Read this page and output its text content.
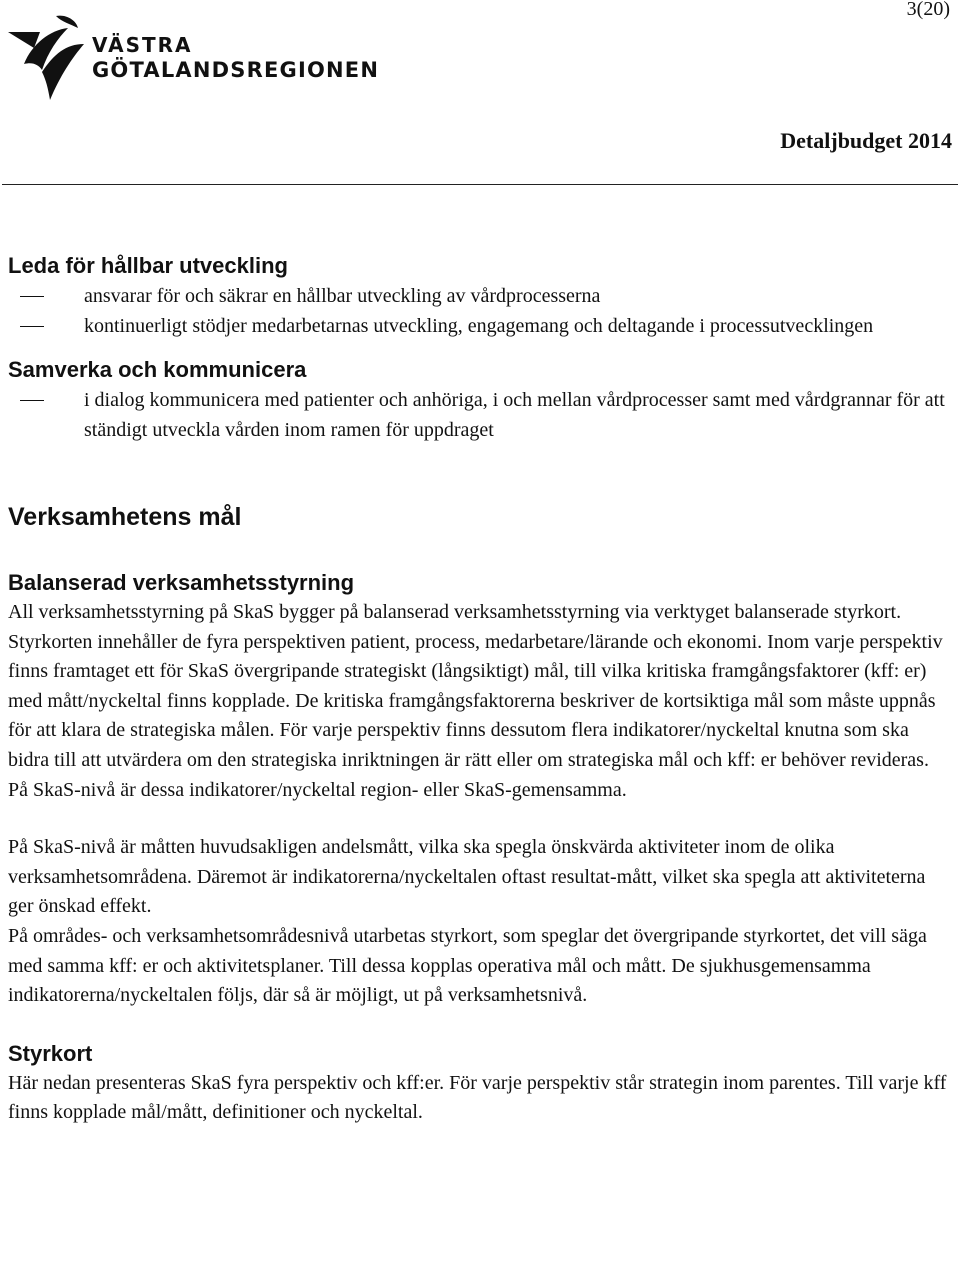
3(20)
VÄSTRA
GÖTALANDSREGIONEN
Detaljbudget 2014
Leda för hållbar utveckling
ansvarar för och säkrar en hållbar utveckling av vårdprocesserna
kontinuerligt stödjer medarbetarnas utveckling, engagemang och deltagande i processutvecklingen
Samverka och kommunicera
i dialog kommunicera med patienter och anhöriga, i och mellan vårdprocesser samt med vårdgrannar för att ständigt utveckla vården inom ramen för uppdraget
Verksamhetens mål
Balanserad verksamhetsstyrning

All verksamhetsstyrning på SkaS bygger på balanserad verksamhetsstyrning via verktyget balanserade styrkort. Styrkorten innehåller de fyra perspektiven patient, process, medarbetare/lärande och ekonomi. Inom varje perspektiv finns framtaget ett för SkaS övergripande strategiskt (långsiktigt) mål, till vilka kritiska framgångsfaktorer (kff: er) med mått/nyckeltal finns kopplade. De kritiska framgångsfaktorerna beskriver de kortsiktiga mål som måste uppnås för att klara de strategiska målen. För varje perspektiv finns dessutom flera indikatorer/nyckeltal knutna som ska bidra till att utvärdera om den strategiska inriktningen är rätt eller om strategiska mål och kff: er behöver revideras. På SkaS-nivå är dessa indikatorer/nyckeltal region- eller SkaS-gemensamma.

På SkaS-nivå är måtten huvudsakligen andelsmått, vilka ska spegla önskvärda aktiviteter inom de olika verksamhetsområdena. Däremot är indikatorerna/nyckeltalen oftast resultat-mått, vilket ska spegla att aktiviteterna ger önskad effekt.

På områdes- och verksamhetsområdesnivå utarbetas styrkort, som speglar det övergripande styrkortet, det vill säga med samma kff: er och aktivitetsplaner. Till dessa kopplas operativa mål och mått. De sjukhusgemensamma indikatorerna/nyckeltalen följs, där så är möjligt, ut på verksamhetsnivå.

Styrkort

Här nedan presenteras SkaS fyra perspektiv och kff:er. För varje perspektiv står strategin inom parentes. Till varje kff finns kopplade mål/mått, definitioner och nyckeltal.
